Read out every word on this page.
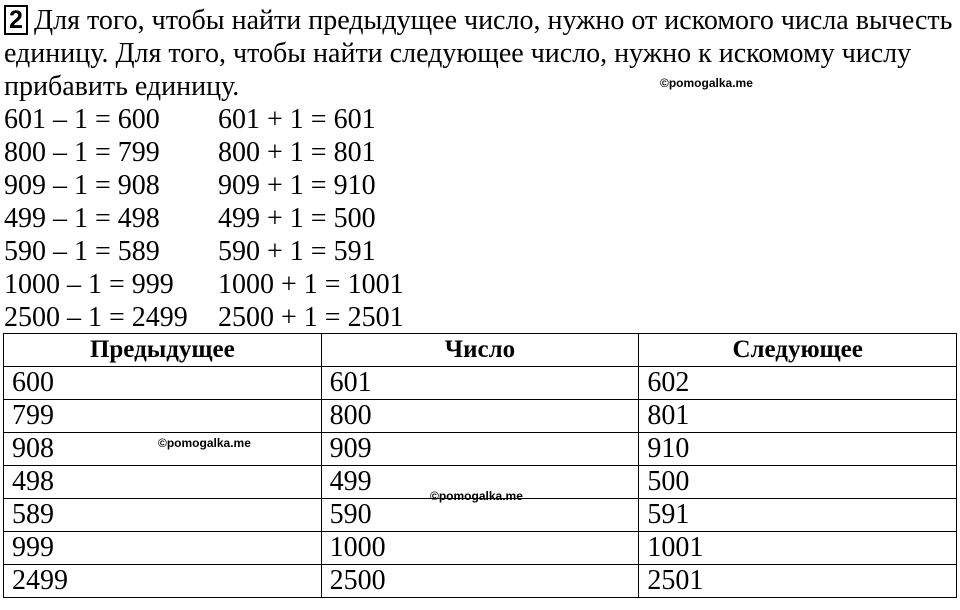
2 Для того, чтобы найти предыдущее число, нужно от искомого числа вычесть единицу. Для того, чтобы найти следующее число, нужно к искомому числу прибавить единицу.	©pomogalka.me
601 – 1 = 600 601 + 1 = 601
800 – 1 = 799 800 + 1 = 801
909 – 1 = 908 909 + 1 = 910
499 – 1 = 498 499 + 1 = 500
590 – 1 = 589 590 + 1 = 591
1000 – 1 = 999 1000 + 1 = 1001
2500 – 1 = 2499 2500 + 1 = 2501
Предыдущее	Число	Следующее
600	601	602
799	800	801
908	909	910
498	499	500
589	590	591
999	1000	1001
2499	2500	2501
©pomogalka.me
©pomogalka.me
